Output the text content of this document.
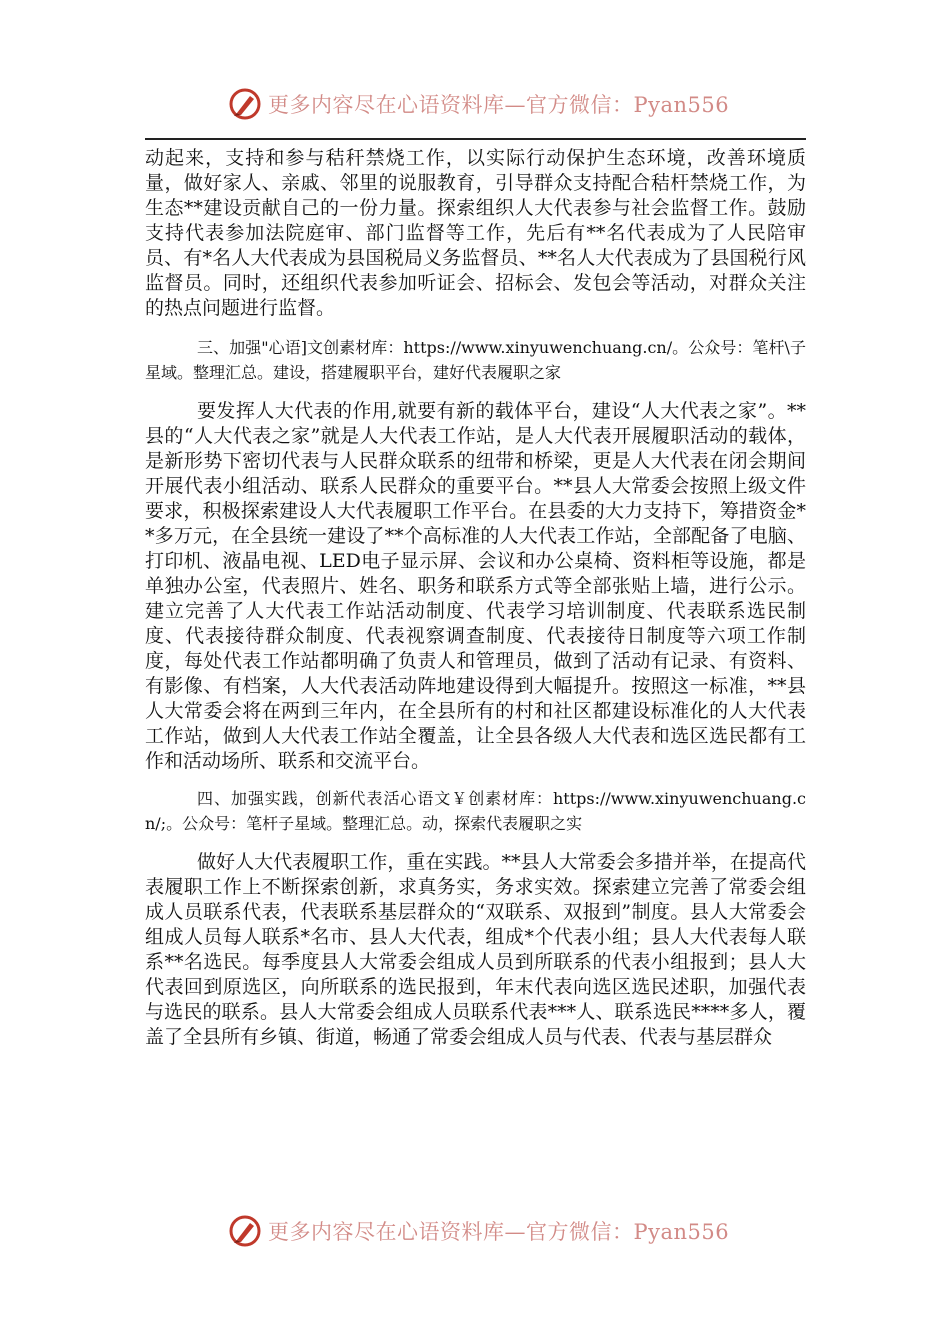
更多内容尽在心语资料库—官方微信：Pyan556

动起来，支持和参与秸秆禁烧工作，以实际行动保护生态环境，改善环境质量，做好家人、亲戚、邻里的说服教育，引导群众支持配合秸杆禁烧工作，为生态**建设贡献自己的一份力量。探索组织人大代表参与社会监督工作。鼓励支持代表参加法院庭审、部门监督等工作，先后有**名代表成为了人民陪审员、有*名人大代表成为县国税局义务监督员、**名人大代表成为了县国税行风监督员。同时，还组织代表参加听证会、招标会、发包会等活动，对群众关注的热点问题进行监督。

三、加强"心语]文创素材库：https://www.xinyuwenchuang.cn/。公众号：笔杆\子星域。整理汇总。建设，搭建履职平台，建好代表履职之家

要发挥人大代表的作用,就要有新的载体平台，建设“人大代表之家”。**县的“人大代表之家”就是人大代表工作站，是人大代表开展履职活动的载体，是新形势下密切代表与人民群众联系的纽带和桥梁，更是人大代表在闭会期间开展代表小组活动、联系人民群众的重要平台。**县人大常委会按照上级文件要求，积极探索建设人大代表履职工作平台。在县委的大力支持下，筹措资金**多万元，在全县统一建设了**个高标准的人大代表工作站，全部配备了电脑、打印机、液晶电视、LED电子显示屏、会议和办公桌椅、资料柜等设施，都是单独办公室，代表照片、姓名、职务和联系方式等全部张贴上墙，进行公示。建立完善了人大代表工作站活动制度、代表学习培训制度、代表联系选民制度、代表接待群众制度、代表视察调查制度、代表接待日制度等六项工作制度，每处代表工作站都明确了负责人和管理员，做到了活动有记录、有资料、有影像、有档案，人大代表活动阵地建设得到大幅提升。按照这一标准，**县人大常委会将在两到三年内，在全县所有的村和社区都建设标准化的人大代表工作站，做到人大代表工作站全覆盖，让全县各级人大代表和选区选民都有工作和活动场所、联系和交流平台。

四、加强实践，创新代表活心语文￥创素材库：https://www.xinyuwenchuang.cn/;。公众号：笔杆子星域。整理汇总。动，探索代表履职之实

做好人大代表履职工作，重在实践。**县人大常委会多措并举，在提高代表履职工作上不断探索创新，求真务实，务求实效。探索建立完善了常委会组成人员联系代表，代表联系基层群众的“双联系、双报到”制度。县人大常委会组成人员每人联系*名市、县人大代表，组成*个代表小组；县人大代表每人联系**名选民。每季度县人大常委会组成人员到所联系的代表小组报到；县人大代表回到原选区，向所联系的选民报到，年末代表向选区选民述职，加强代表与选民的联系。县人大常委会组成人员联系代表***人、联系选民****多人，覆盖了全县所有乡镇、街道，畅通了常委会组成人员与代表、代表与基层群众

更多内容尽在心语资料库—官方微信：Pyan556
